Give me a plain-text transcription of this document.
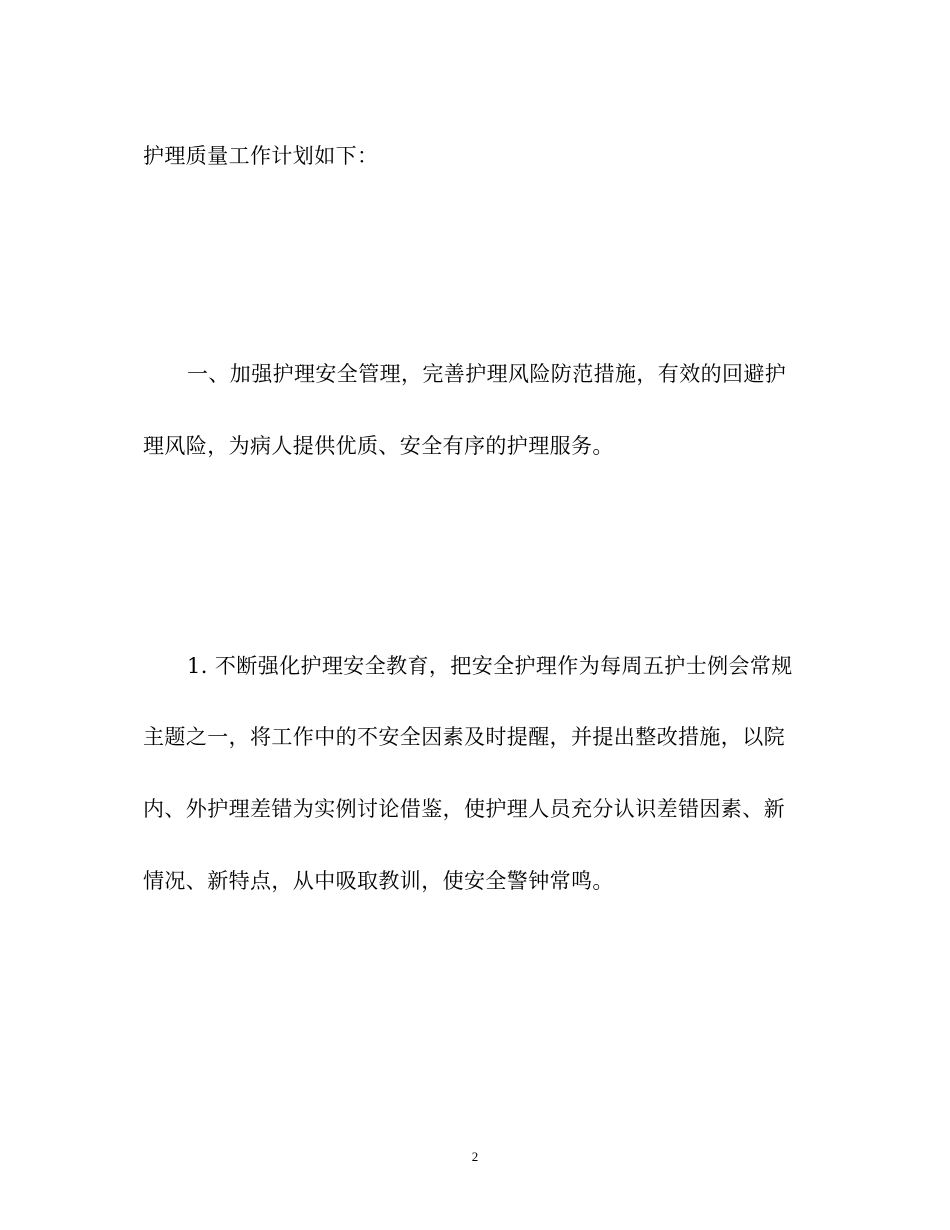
护理质量工作计划如下：
一、加强护理安全管理，完善护理风险防范措施，有效的回避护
理风险，为病人提供优质、安全有序的护理服务。
1. 不断强化护理安全教育，把安全护理作为每周五护士例会常规
主题之一，将工作中的不安全因素及时提醒，并提出整改措施，以院
内、外护理差错为实例讨论借鉴，使护理人员充分认识差错因素、新
情况、新特点，从中吸取教训，使安全警钟常鸣。
2
